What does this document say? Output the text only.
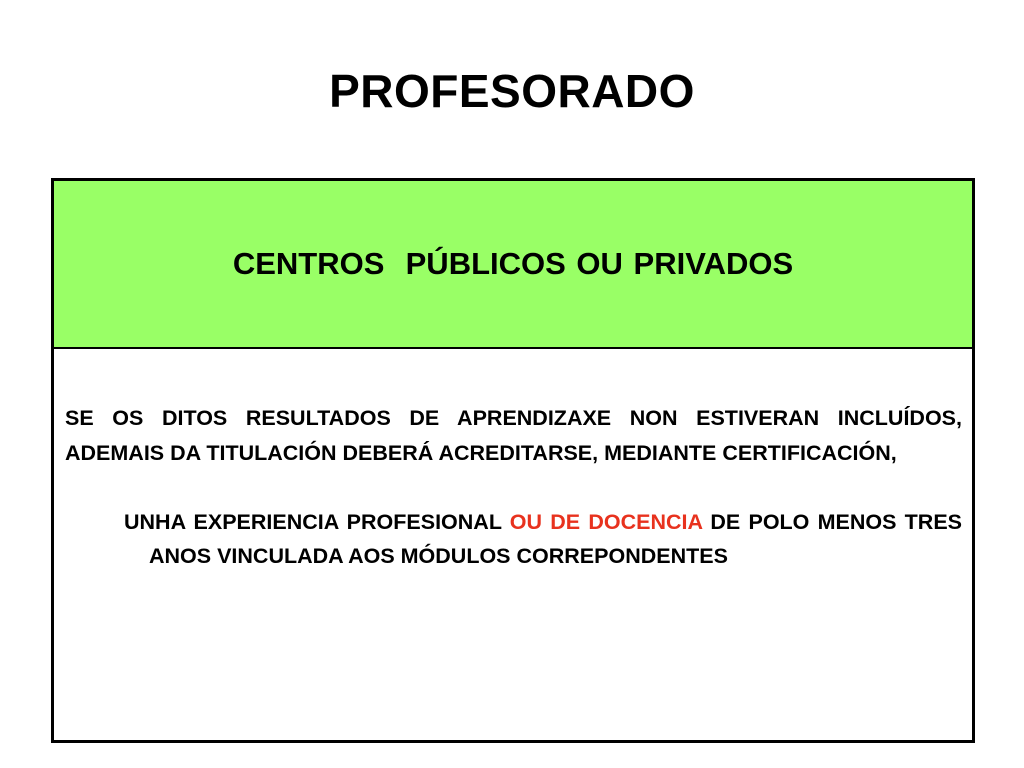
PROFESORADO
CENTROS  PÚBLICOS OU PRIVADOS

SE OS DITOS RESULTADOS DE APRENDIZAXE NON ESTIVERAN INCLUÍDOS, ADEMAIS DA TITULACIÓN DEBERÁ ACREDITARSE, MEDIANTE CERTIFICACIÓN,

UNHA EXPERIENCIA PROFESIONAL OU DE DOCENCIA DE POLO MENOS TRES ANOS VINCULADA AOS MÓDULOS CORREPONDENTES
